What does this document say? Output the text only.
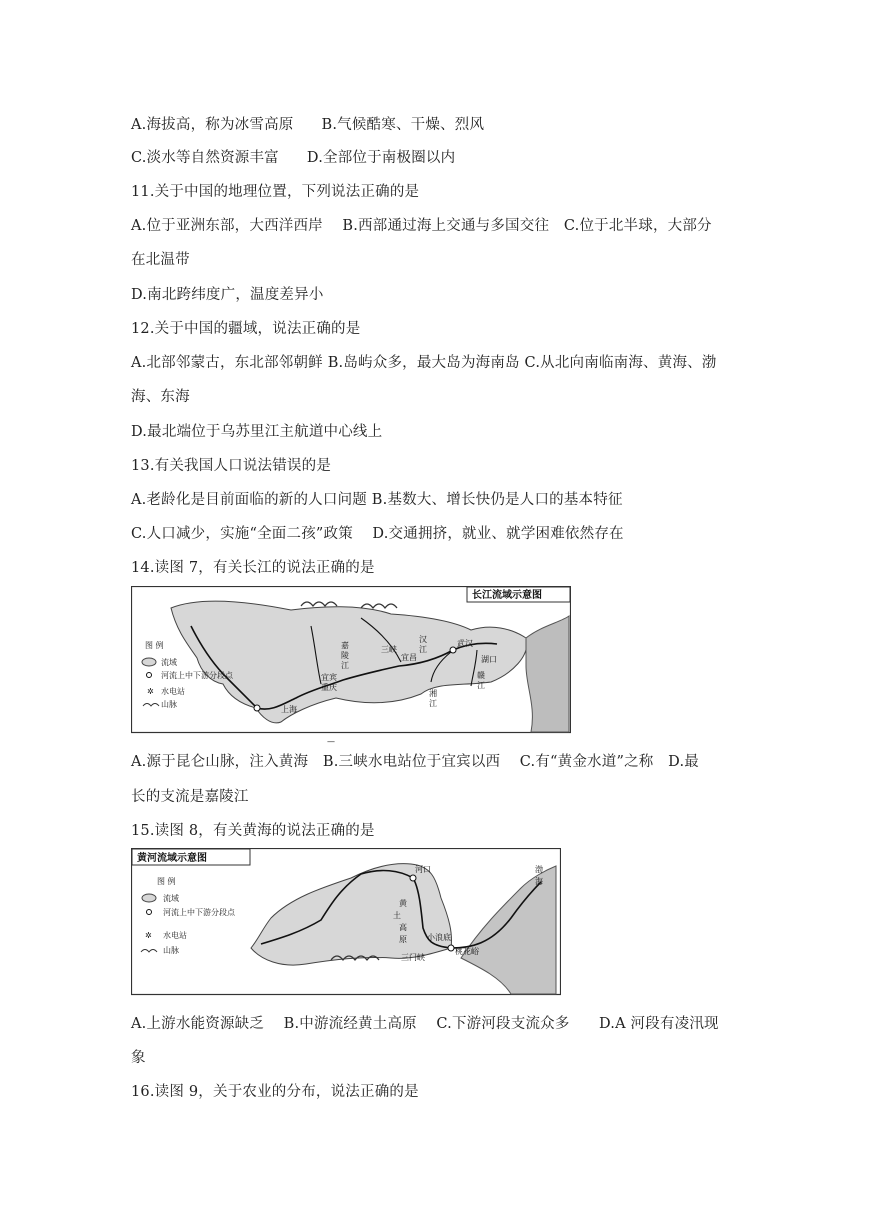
A.海拔高，称为冰雪高原 B.气候酷寒、干燥、烈风
C.淡水等自然资源丰富 D.全部位于南极圈以内
11.关于中国的地理位置，下列说法正确的是
A.位于亚洲东部，大西洋西岸　 B.西部通过海上交通与多国交往　C.位于北半球，大部分
在北温带
D.南北跨纬度广，温度差异小
12.关于中国的疆域，说法正确的是
A.北部邻蒙古，东北部邻朝鲜 B.岛屿众多，最大岛为海南岛 C.从北向南临南海、黄海、渤
海、东海
D.最北端位于乌苏里江主航道中心线上
13.有关我国人口说法错误的是
A.老龄化是目前面临的新的人口问题 B.基数大、增长快仍是人口的基本特征
C.人口减少，实施“全面二孩”政策　 D.交通拥挤，就业、就学困难依然存在
14.读图 7，有关长江的说法正确的是
长江流域示意图
嘉
陵
江
汉
江
三峡
宜昌
武汉
湖口
宜宾
重庆
赣
江
湘
江
上海
图 例
流域
河流上中下游分段点
✲ 水电站
山脉
—
A.源于昆仑山脉，注入黄海　B.三峡水电站位于宜宾以西　 C.有“黄金水道”之称　D.最
长的支流是嘉陵江
15.读图 8，有关黄海的说法正确的是
黄河流域示意图
河口
黄
土
高
原	小浪底
三门峡
桃花峪
渤
海
图 例
流域
河流上中下游分段点
✲ 水电站
山脉
A.上游水能资源缺乏　 B.中游流经黄土高原　 C.下游河段支流众多　　D.A 河段有凌汛现
象
16.读图 9，关于农业的分布，说法正确的是
